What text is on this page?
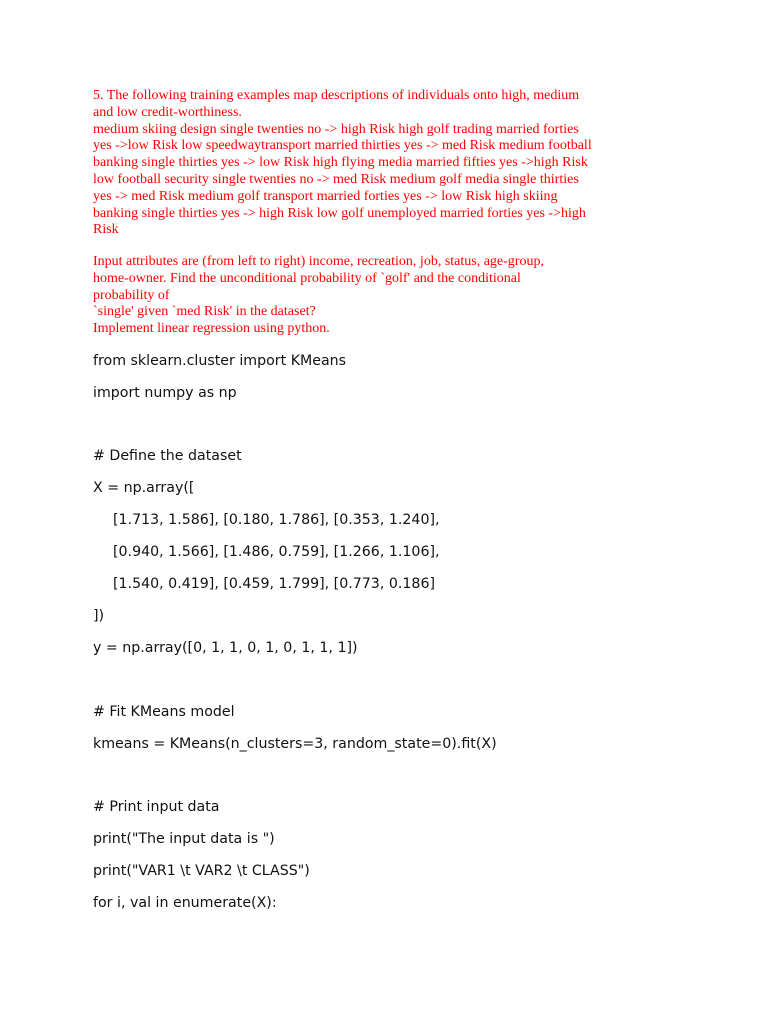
5. The following training examples map descriptions of individuals onto high, medium
and low credit-worthiness.
medium skiing design single twenties no -> high Risk high golf trading married forties
yes ->low Risk low speedwaytransport married thirties yes -> med Risk medium football
banking single thirties yes -> low Risk high flying media married fifties yes ->high Risk
low football security single twenties no -> med Risk medium golf media single thirties
yes -> med Risk medium golf transport married forties yes -> low Risk high skiing
banking single thirties yes -> high Risk low golf unemployed married forties yes ->high
Risk
Input attributes are (from left to right) income, recreation, job, status, age-group,
home-owner. Find the unconditional probability of `golf' and the conditional
probability of
`single' given `med Risk' in the dataset?
Implement linear regression using python.
from sklearn.cluster import KMeans
import numpy as np
# Define the dataset
X = np.array([
[1.713, 1.586], [0.180, 1.786], [0.353, 1.240],
[0.940, 1.566], [1.486, 0.759], [1.266, 1.106],
[1.540, 0.419], [0.459, 1.799], [0.773, 0.186]
])
y = np.array([0, 1, 1, 0, 1, 0, 1, 1, 1])
# Fit KMeans model
kmeans = KMeans(n_clusters=3, random_state=0).fit(X)
# Print input data
print("The input data is ")
print("VAR1 \t VAR2 \t CLASS")
for i, val in enumerate(X):
